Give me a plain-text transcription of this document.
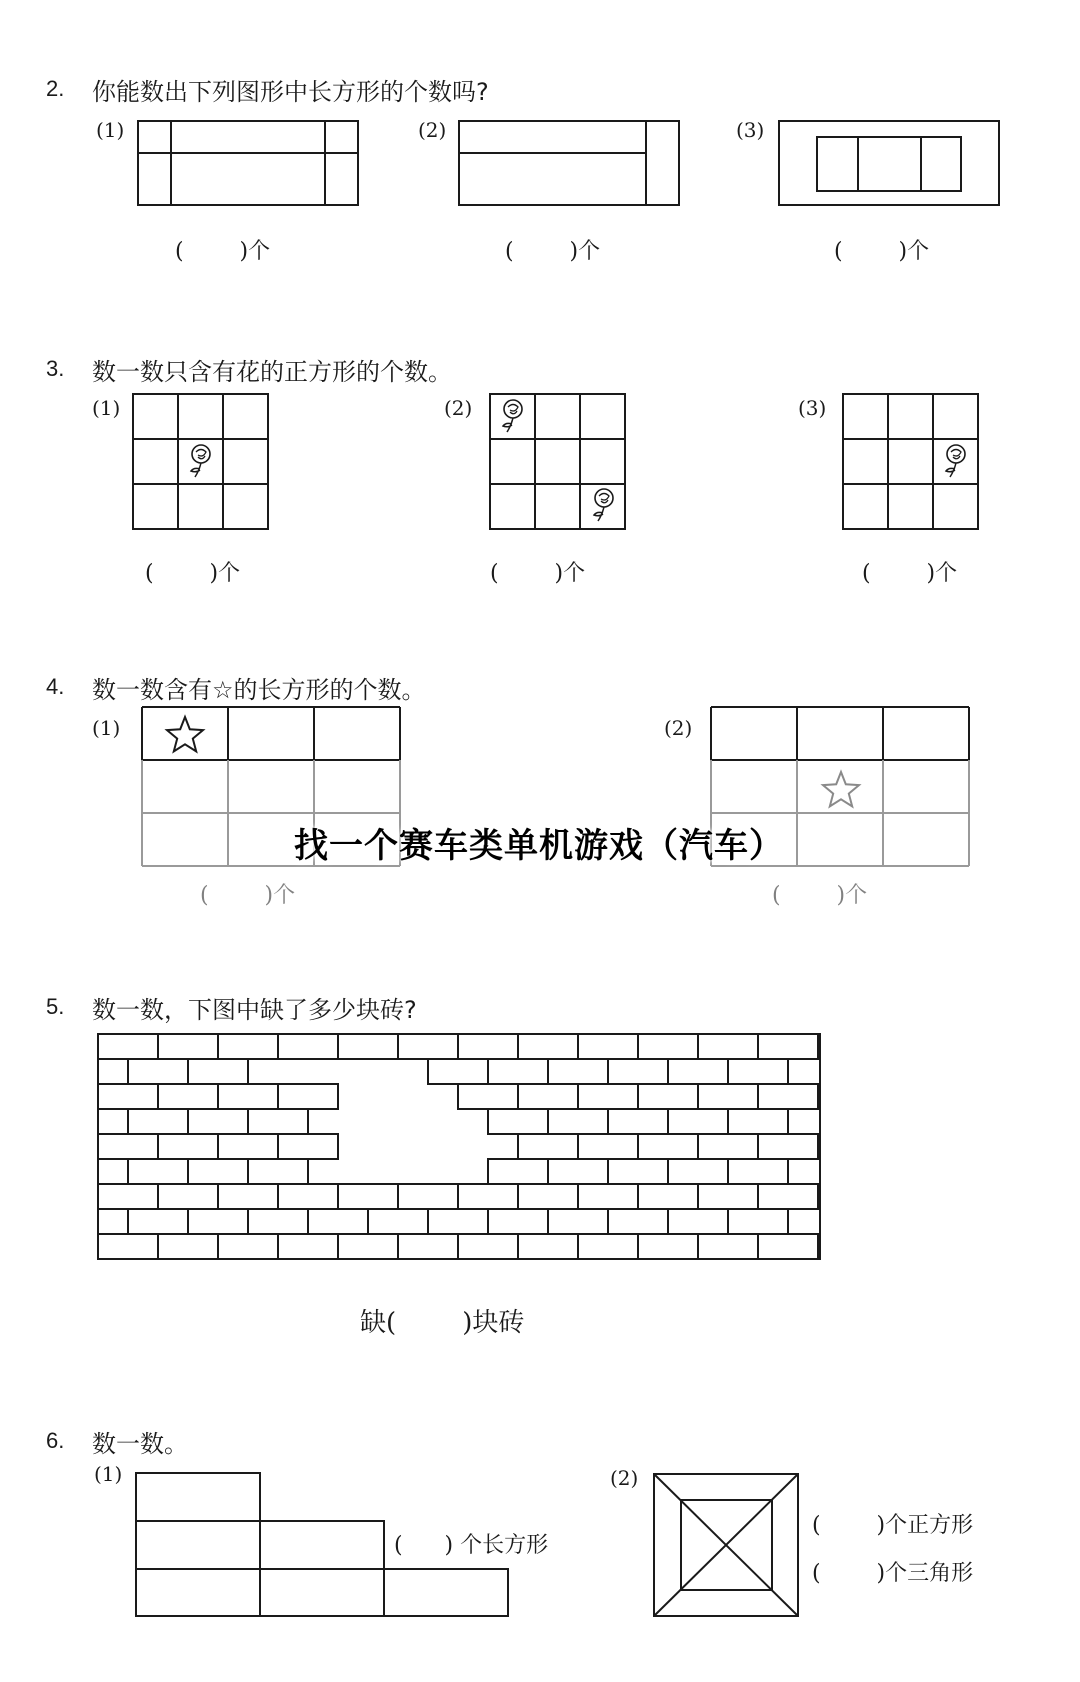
2. 你能数出下列图形中长方形的个数吗?
(1)	(2)	(3)
(        )个	(        )个	(        )个
3. 数一数只含有花的正方形的个数。
(1)	(2)	(3)
(        )个	(        )个	(        )个
4. 数一数含有☆的长方形的个数。
(1)	(2)
(        )个	(        )个
找一个赛车类单机游戏（汽车）
5. 数一数，下图中缺了多少块砖?
缺(        )块砖
6. 数一数。
(1)	(2)
(      ) 个长方形
(        )个正方形
(        )个三角形
